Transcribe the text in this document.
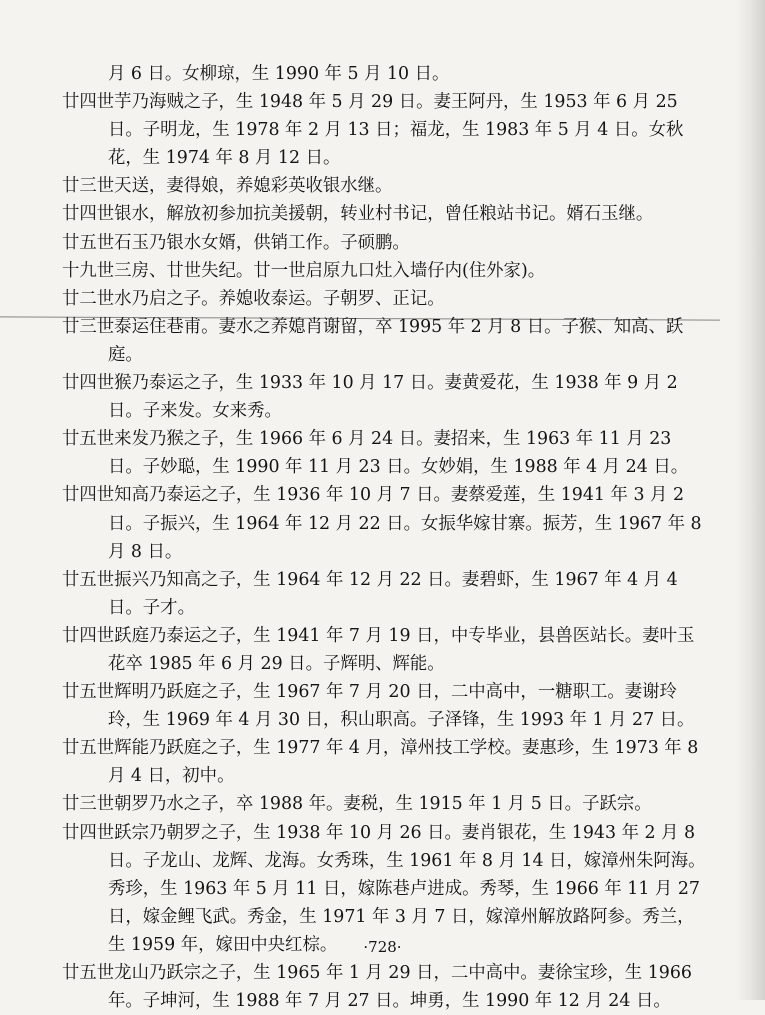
月 6 日。女柳琼，生 1990 年 5 月 10 日。
廿四世芋乃海贼之子，生 1948 年 5 月 29 日。妻王阿丹，生 1953 年 6 月 25 日。子明龙，生 1978 年 2 月 13 日；福龙，生 1983 年 5 月 4 日。女秋花，生 1974 年 8 月 12 日。
廿三世天送，妻得娘，养媳彩英收银水继。
廿四世银水，解放初参加抗美援朝，转业村书记，曾任粮站书记。婿石玉继。
廿五世石玉乃银水女婿，供销工作。子硕鹏。
十九世三房、廿世失纪。廿一世启原九口灶入墙仔内(住外家)。
廿二世水乃启之子。养媳收泰运。子朝罗、正记。
廿三世泰运住巷甫。妻水之养媳肖谢留，卒 1995 年 2 月 8 日。子猴、知高、跃庭。
廿四世猴乃泰运之子，生 1933 年 10 月 17 日。妻黄爱花，生 1938 年 9 月 2 日。子来发。女来秀。
廿五世来发乃猴之子，生 1966 年 6 月 24 日。妻招来，生 1963 年 11 月 23 日。子妙聪，生 1990 年 11 月 23 日。女妙娟，生 1988 年 4 月 24 日。
廿四世知高乃泰运之子，生 1936 年 10 月 7 日。妻蔡爱莲，生 1941 年 3 月 2 日。子振兴，生 1964 年 12 月 22 日。女振华嫁甘寨。振芳，生 1967 年 8 月 8 日。
廿五世振兴乃知高之子，生 1964 年 12 月 22 日。妻碧虾，生 1967 年 4 月 4 日。子才。
廿四世跃庭乃泰运之子，生 1941 年 7 月 19 日，中专毕业，县兽医站长。妻叶玉花卒 1985 年 6 月 29 日。子辉明、辉能。
廿五世辉明乃跃庭之子，生 1967 年 7 月 20 日，二中高中，一糖职工。妻谢玲玲，生 1969 年 4 月 30 日，积山职高。子泽锋，生 1993 年 1 月 27 日。
廿五世辉能乃跃庭之子，生 1977 年 4 月，漳州技工学校。妻惠珍，生 1973 年 8 月 4 日，初中。
廿三世朝罗乃水之子，卒 1988 年。妻税，生 1915 年 1 月 5 日。子跃宗。
廿四世跃宗乃朝罗之子，生 1938 年 10 月 26 日。妻肖银花，生 1943 年 2 月 8 日。子龙山、龙辉、龙海。女秀珠，生 1961 年 8 月 14 日，嫁漳州朱阿海。秀珍，生 1963 年 5 月 11 日，嫁陈巷卢进成。秀琴，生 1966 年 11 月 27 日，嫁金鲤飞武。秀金，生 1971 年 3 月 7 日，嫁漳州解放路阿参。秀兰，生 1959 年，嫁田中央红棕。
廿五世龙山乃跃宗之子，生 1965 年 1 月 29 日，二中高中。妻徐宝珍，生 1966 年。子坤河，生 1988 年 7 月 27 日。坤勇，生 1990 年 12 月 24 日。
·728·
